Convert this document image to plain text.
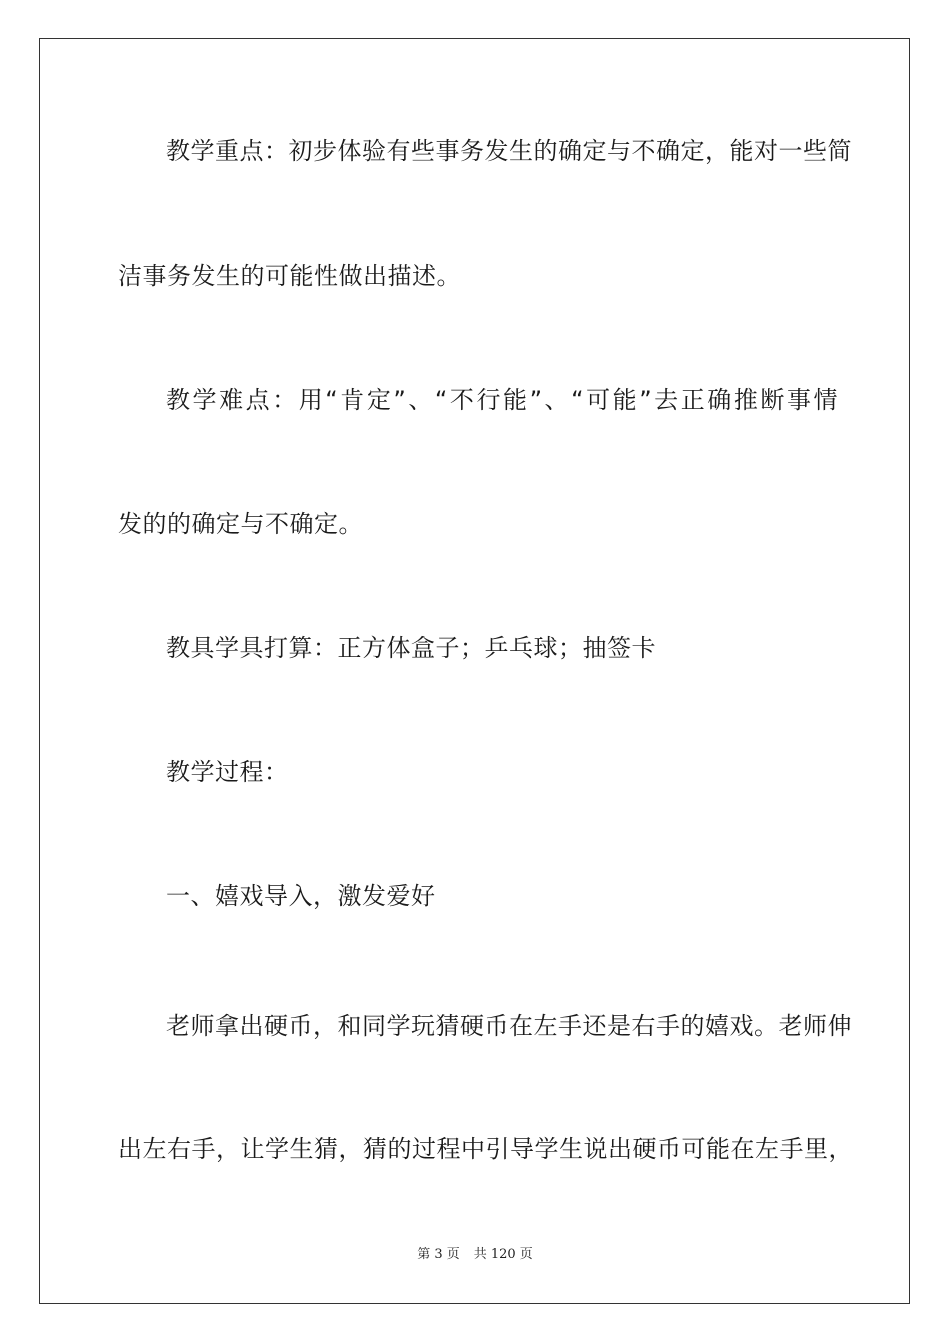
教学重点：初步体验有些事务发生的确定与不确定，能对一些简
洁事务发生的可能性做出描述。
教学难点：用“肯定”、“不行能”、“可能”去正确推断事情
发的的确定与不确定。
教具学具打算：正方体盒子；乒乓球；抽签卡
教学过程：
一、嬉戏导入，激发爱好
老师拿出硬币，和同学玩猜硬币在左手还是右手的嬉戏。老师伸
出左右手，让学生猜，猜的过程中引导学生说出硬币可能在左手里，
第 3 页 共 120 页
